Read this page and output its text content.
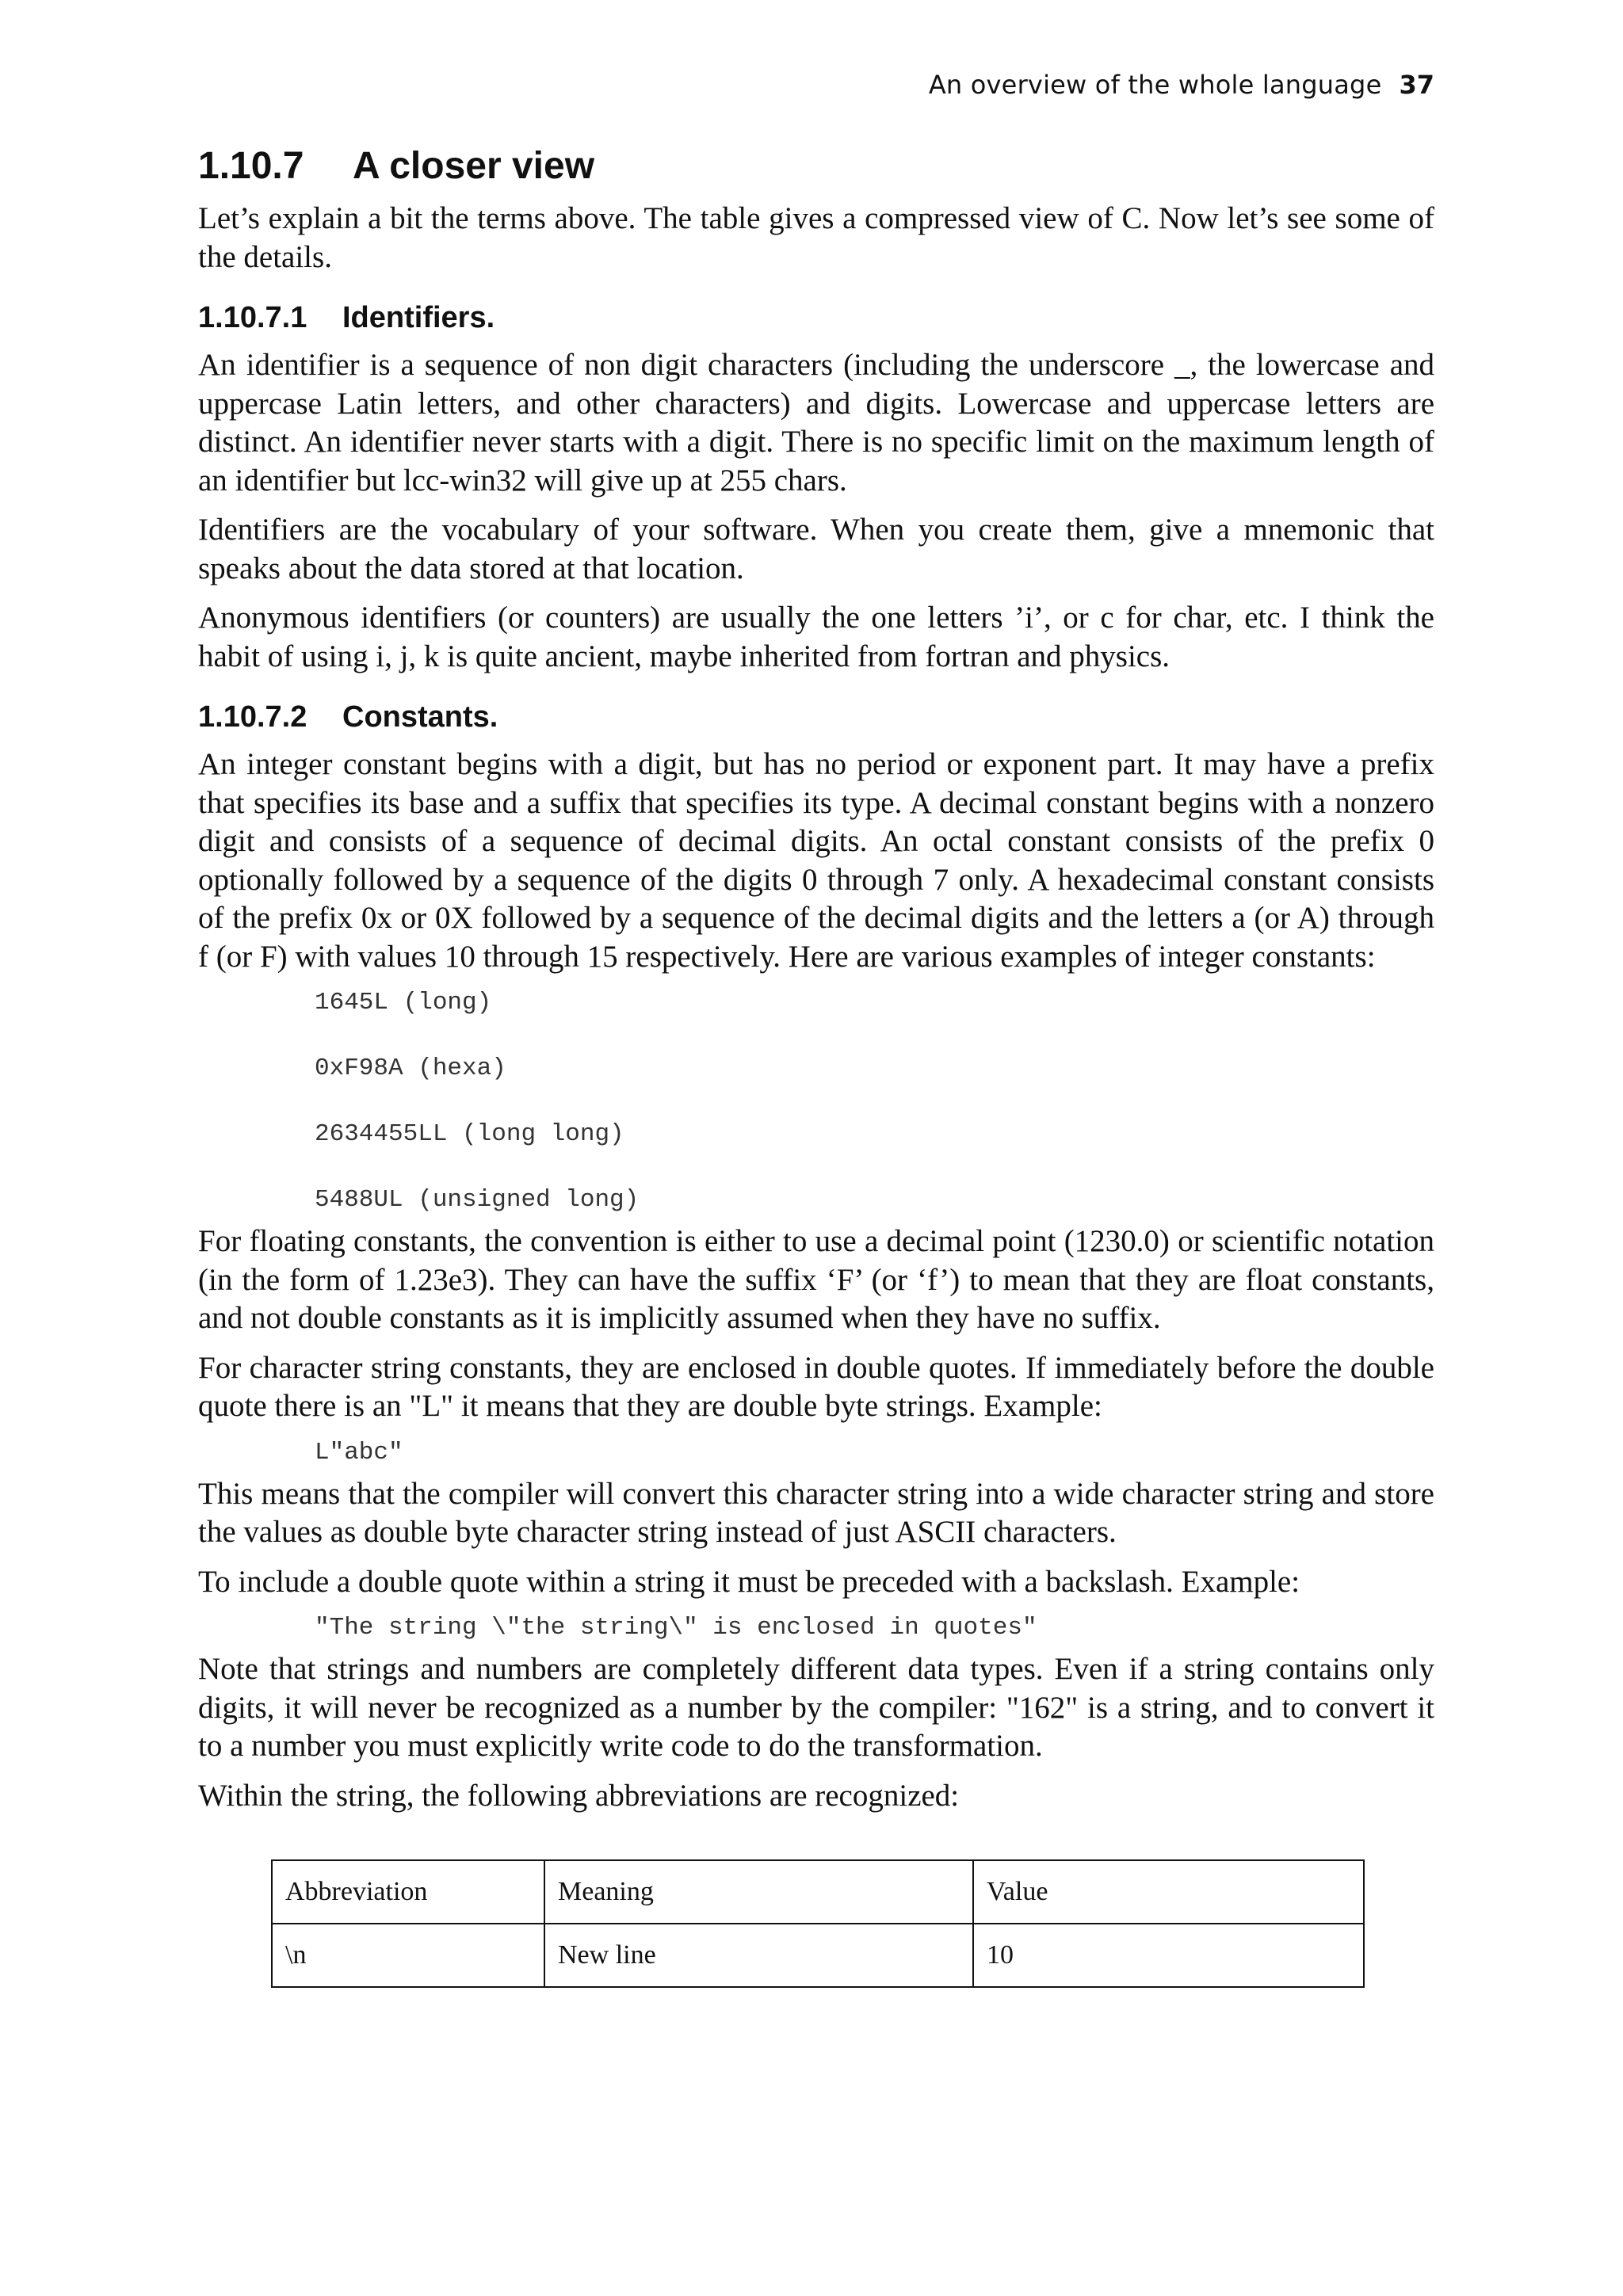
An overview of the whole language 37
1.10.7 A closer view

Let’s explain a bit the terms above. The table gives a compressed view of C. Now let’s see some of the details.

1.10.7.1 Identifiers.

An identifier is a sequence of non digit characters (including the underscore _, the lowercase and uppercase Latin letters, and other characters) and digits. Lowercase and uppercase letters are distinct. An identifier never starts with a digit. There is no specific limit on the maximum length of an identifier but lcc-win32 will give up at 255 chars.

Identifiers are the vocabulary of your software. When you create them, give a mnemonic that speaks about the data stored at that location.

Anonymous identifiers (or counters) are usually the one letters ’i’, or c for char, etc. I think the habit of using i, j, k is quite ancient, maybe inherited from fortran and physics.

1.10.7.2 Constants.

An integer constant begins with a digit, but has no period or exponent part. It may have a prefix that specifies its base and a suffix that specifies its type. A decimal constant begins with a nonzero digit and consists of a sequence of decimal digits. An octal constant consists of the prefix 0 optionally followed by a sequence of the digits 0 through 7 only. A hexadecimal constant consists of the prefix 0x or 0X followed by a sequence of the decimal digits and the letters a (or A) through f (or F) with values 10 through 15 respectively. Here are various examples of integer constants:

1645L (long)
0xF98A (hexa)
2634455LL (long long)
5488UL (unsigned long)

For floating constants, the convention is either to use a decimal point (1230.0) or scientific notation (in the form of 1.23e3). They can have the suffix ‘F’ (or ‘f’) to mean that they are float constants, and not double constants as it is implicitly assumed when they have no suffix.

For character string constants, they are enclosed in double quotes. If immediately before the double quote there is an "L" it means that they are double byte strings. Example:

L"abc"

This means that the compiler will convert this character string into a wide character string and store the values as double byte character string instead of just ASCII characters.

To include a double quote within a string it must be preceded with a backslash. Example:

"The string \"the string\" is enclosed in quotes"

Note that strings and numbers are completely different data types. Even if a string contains only digits, it will never be recognized as a number by the compiler: "162" is a string, and to convert it to a number you must explicitly write code to do the transformation.

Within the string, the following abbreviations are recognized:

Abbreviation	Meaning	Value
\n	New line	10
